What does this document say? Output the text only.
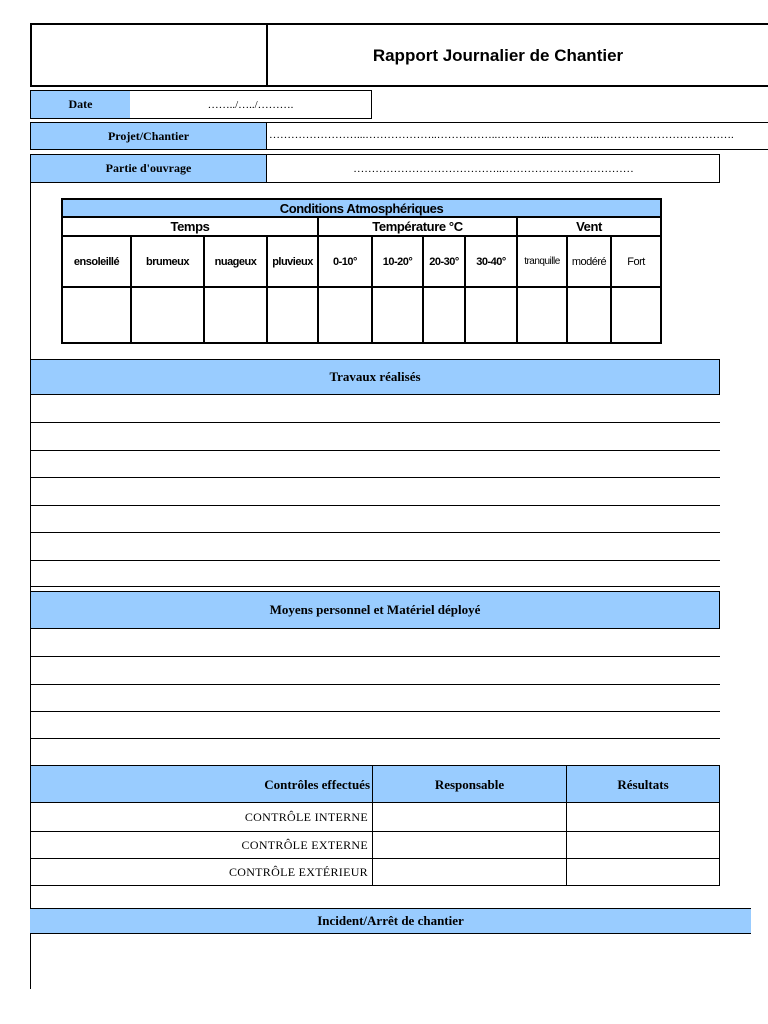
Rapport Journalier de Chantier
Date	……../…../……….
Projet/Chantier	……………………...………………..……………..…………...…………..……………………………….
Partie d'ouvrage	…………………………………..………………………………
Conditions Atmosphériques										
Temps				Température °C				Vent		
ensoleillé	brumeux	nuageux	pluvieux	0-10°	10-20°	20-30°	30-40°	tranquille	modéré	Fort

Travaux réalisés
Moyens personnel et Matériel déployé
Contrôles effectués	Responsable	Résultats
CONTRÔLE INTERNE
CONTRÔLE EXTERNE
CONTRÔLE EXTÉRIEUR
Incident/Arrêt de chantier
